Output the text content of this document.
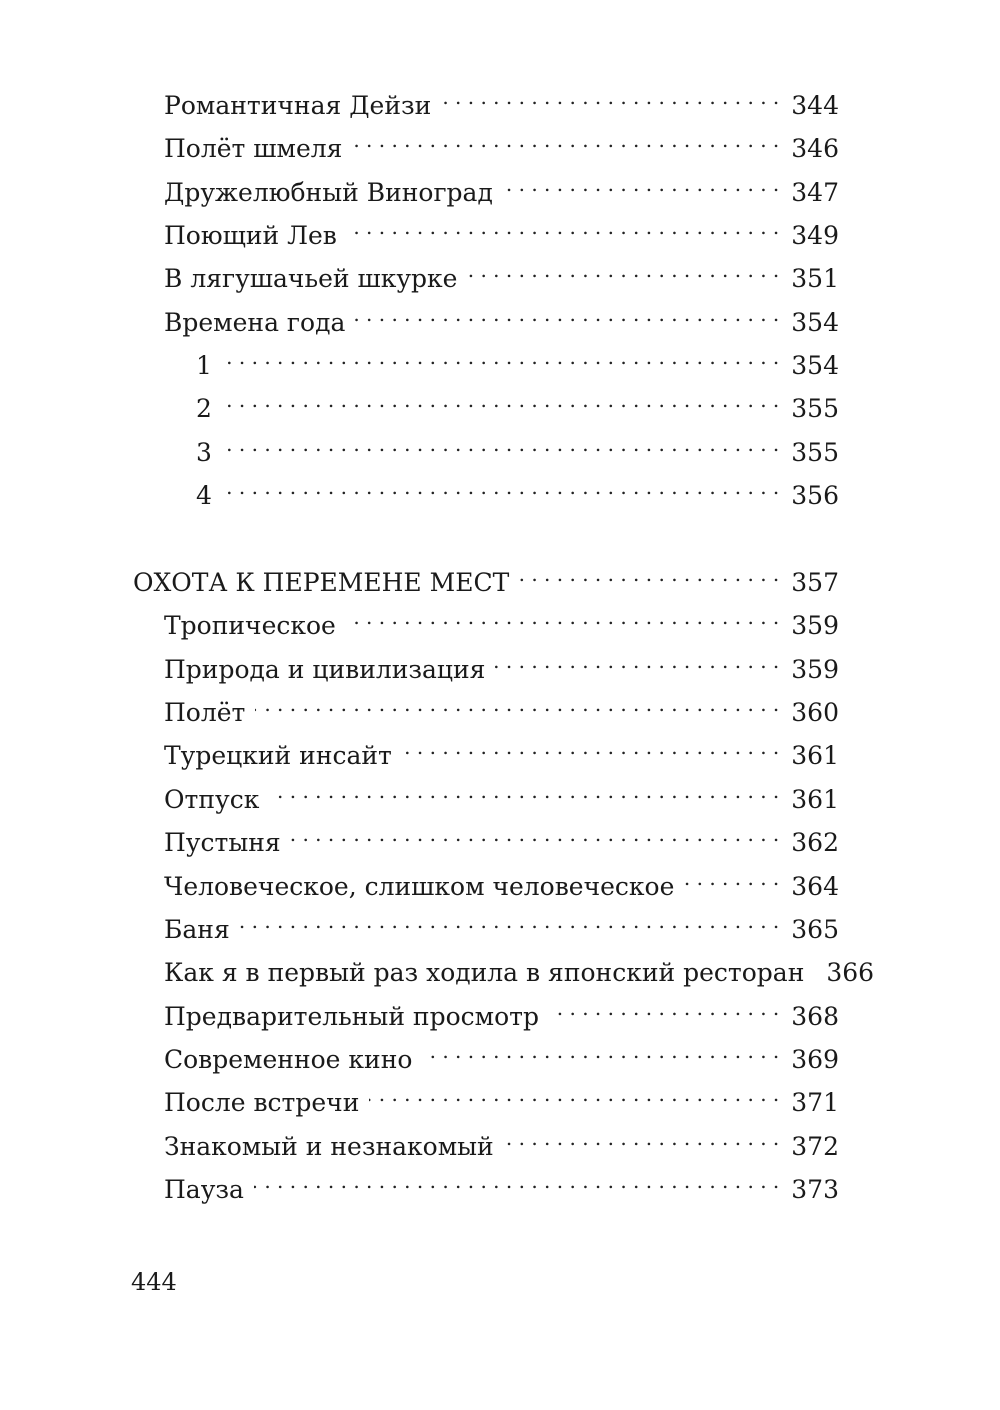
Романтичная Дейзи . . .	344
Полёт шмеля . . .	346
Дружелюбный Виноград . . .	347
Поющий Лев . . .	349
В лягушачьей шкурке . . .	351
Времена года . . .	354
1 . . .	354
2 . . .	355
3 . . .	355
4 . . .	356
ОХОТА К ПЕРЕМЕНЕ МЕСТ . . .	357
Тропическое . . .	359
Природа и цивилизация . . .	359
Полёт . . .	360
Турецкий инсайт . . .	361
Отпуск . . .	361
Пустыня . . .	362
Человеческое, слишком человеческое . . .	364
Баня . . .	365
Как я в первый раз ходила в японский ресторан 366
Предварительный просмотр . . .	368
Современное кино . . .	369
После встречи . . .	371
Знакомый и незнакомый . . .	372
Пауза . . .	373
444
